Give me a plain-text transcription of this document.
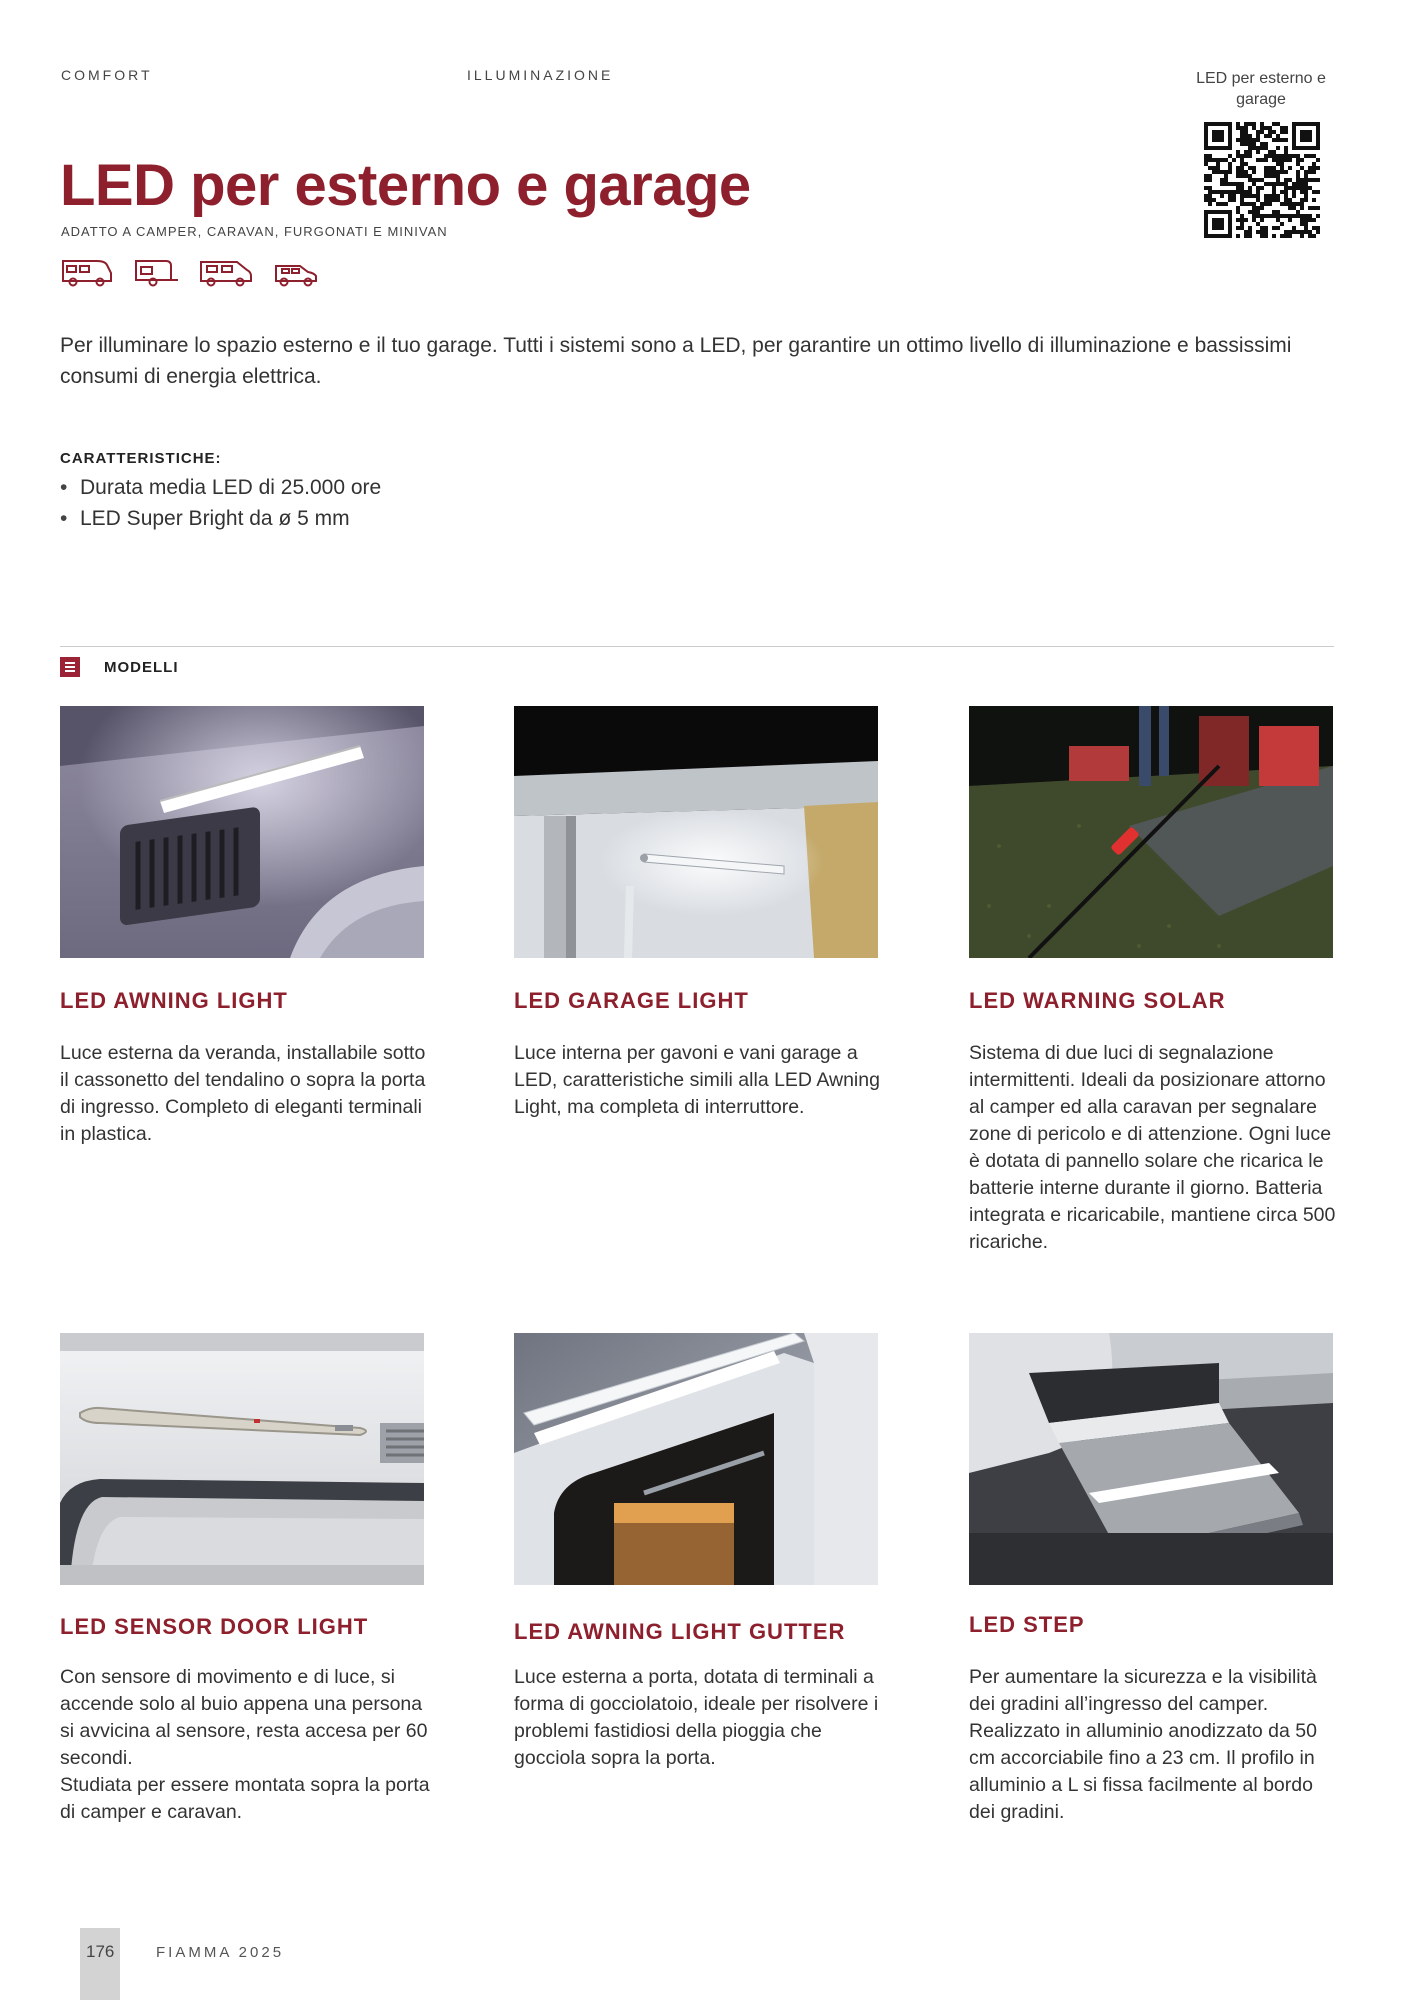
COMFORT	ILLUMINAZIONE	LED per esterno e garage
LED per esterno e garage
ADATTO A CAMPER, CARAVAN, FURGONATI E MINIVAN
Per illuminare lo spazio esterno e il tuo garage. Tutti i sistemi sono a LED, per garantire un ottimo livello di illuminazione e bassissimi consumi di energia elettrica.
CARATTERISTICHE:
• Durata media LED di 25.000 ore
• LED Super Bright da ø 5 mm
MODELLI
LED AWNING LIGHT
Luce esterna da veranda, installabile sotto il cassonetto del tendalino o sopra la porta di ingresso. Completo di eleganti terminali in plastica.
LED GARAGE LIGHT
Luce interna per gavoni e vani garage a LED, caratteristiche simili alla LED Awning Light, ma completa di interruttore.
LED WARNING SOLAR
Sistema di due luci di segnalazione intermittenti. Ideali da posizionare attorno al camper ed alla caravan per segnalare zone di pericolo e di attenzione. Ogni luce è dotata di pannello solare che ricarica le batterie interne durante il giorno. Batteria integrata e ricaricabile, mantiene circa 500 ricariche.
LED SENSOR DOOR LIGHT
Con sensore di movimento e di luce, si accende solo al buio appena una persona si avvicina al sensore, resta accesa per 60 secondi.
Studiata per essere montata sopra la porta di camper e caravan.
LED AWNING LIGHT GUTTER
Luce esterna a porta, dotata di terminali a forma di gocciolatoio, ideale per risolvere i problemi fastidiosi della pioggia che gocciola sopra la porta.
LED STEP
Per aumentare la sicurezza e la visibilità dei gradini all’ingresso del camper. Realizzato in alluminio anodizzato da 50 cm accorciabile fino a 23 cm. Il profilo in alluminio a L si fissa facilmente al bordo dei gradini.
176	FIAMMA 2025
